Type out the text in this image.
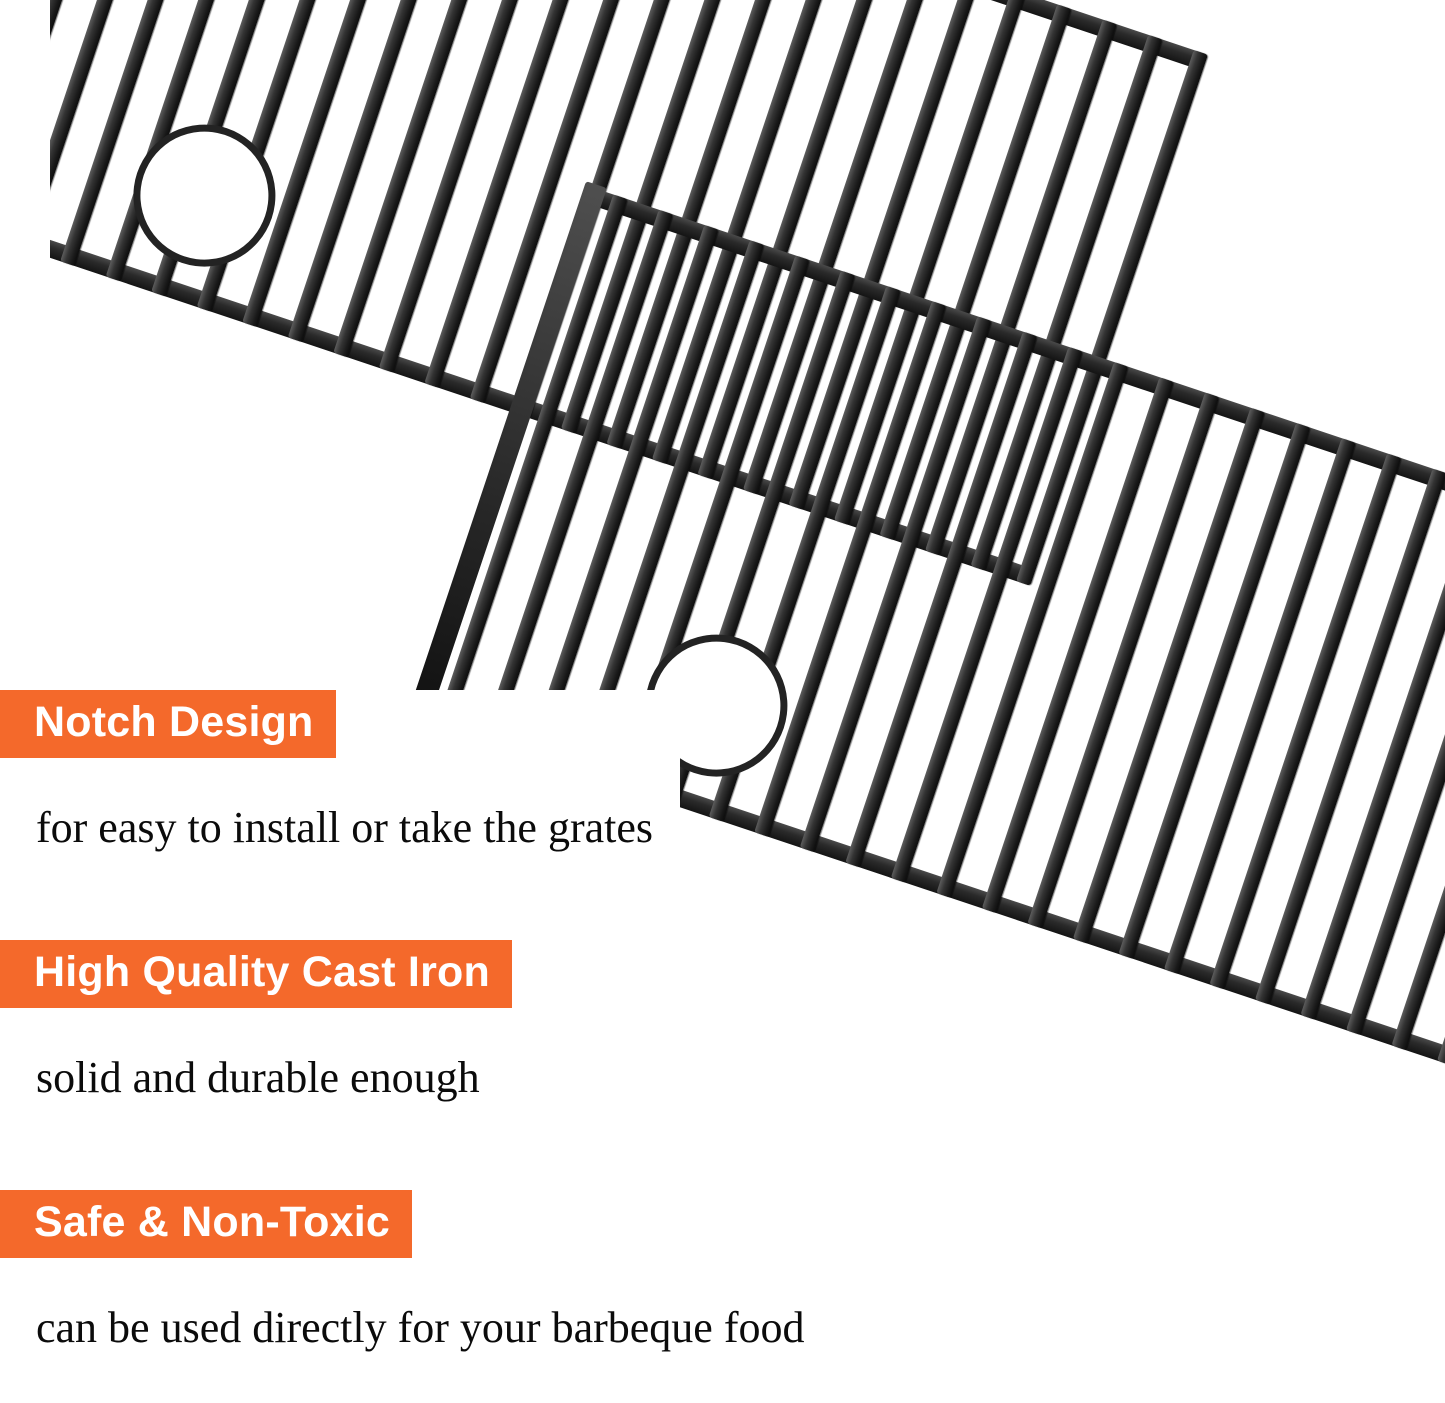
Notch Design
for easy to install or take the grates
High Quality Cast Iron
solid and durable enough
Safe & Non-Toxic
can be used directly for your barbeque food
